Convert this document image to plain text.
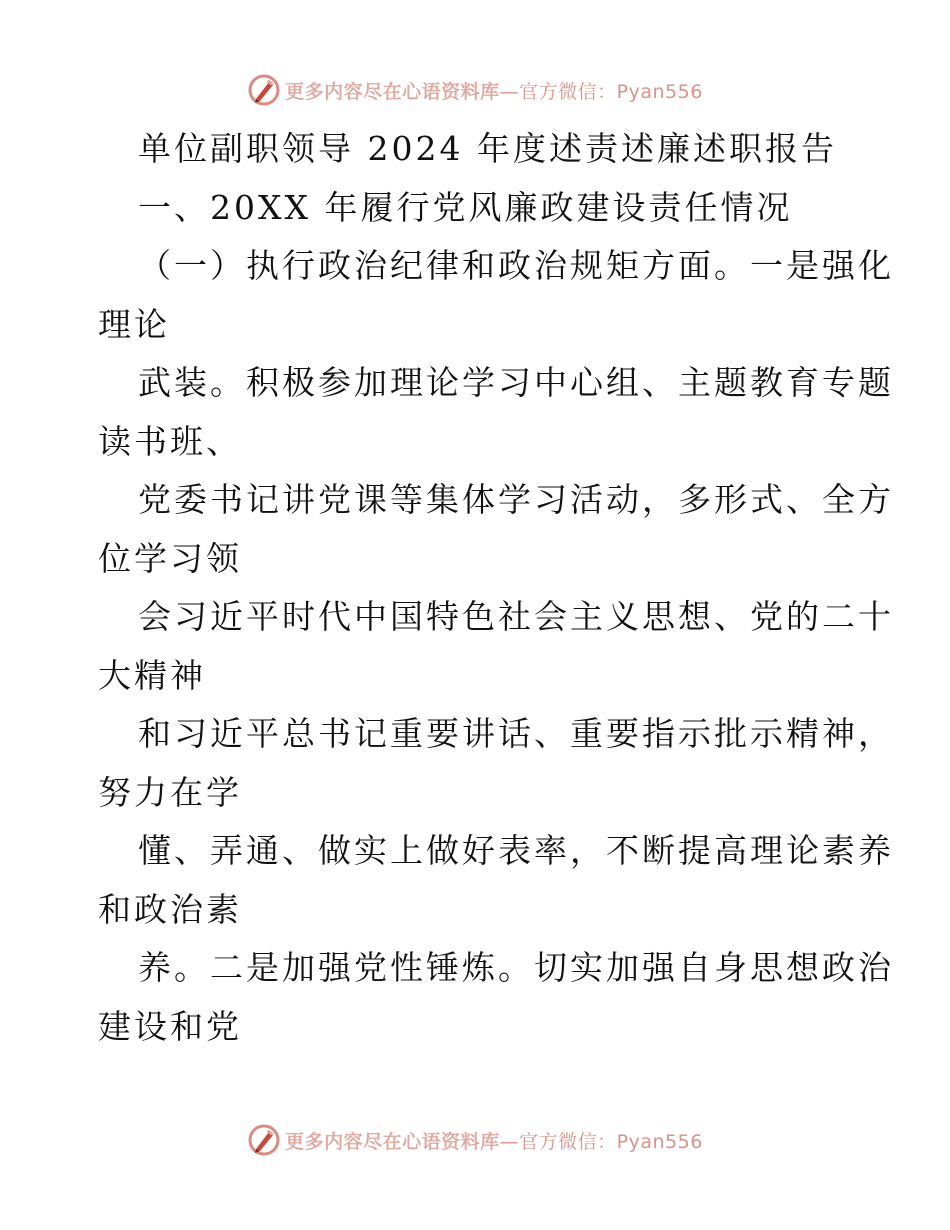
更多内容尽在心语资料库—官方微信：Pyan556
单位副职领导 2024 年度述责述廉述职报告
一、20XX 年履行党风廉政建设责任情况
（一）执行政治纪律和政治规矩方面。一是强化
理论
武装。积极参加理论学习中心组、主题教育专题
读书班、
党委书记讲党课等集体学习活动，多形式、全方
位学习领
会习近平时代中国特色社会主义思想、党的二十
大精神
和习近平总书记重要讲话、重要指示批示精神，
努力在学
懂、弄通、做实上做好表率，不断提高理论素养
和政治素
养。二是加强党性锤炼。切实加强自身思想政治
建设和党
更多内容尽在心语资料库—官方微信：Pyan556
